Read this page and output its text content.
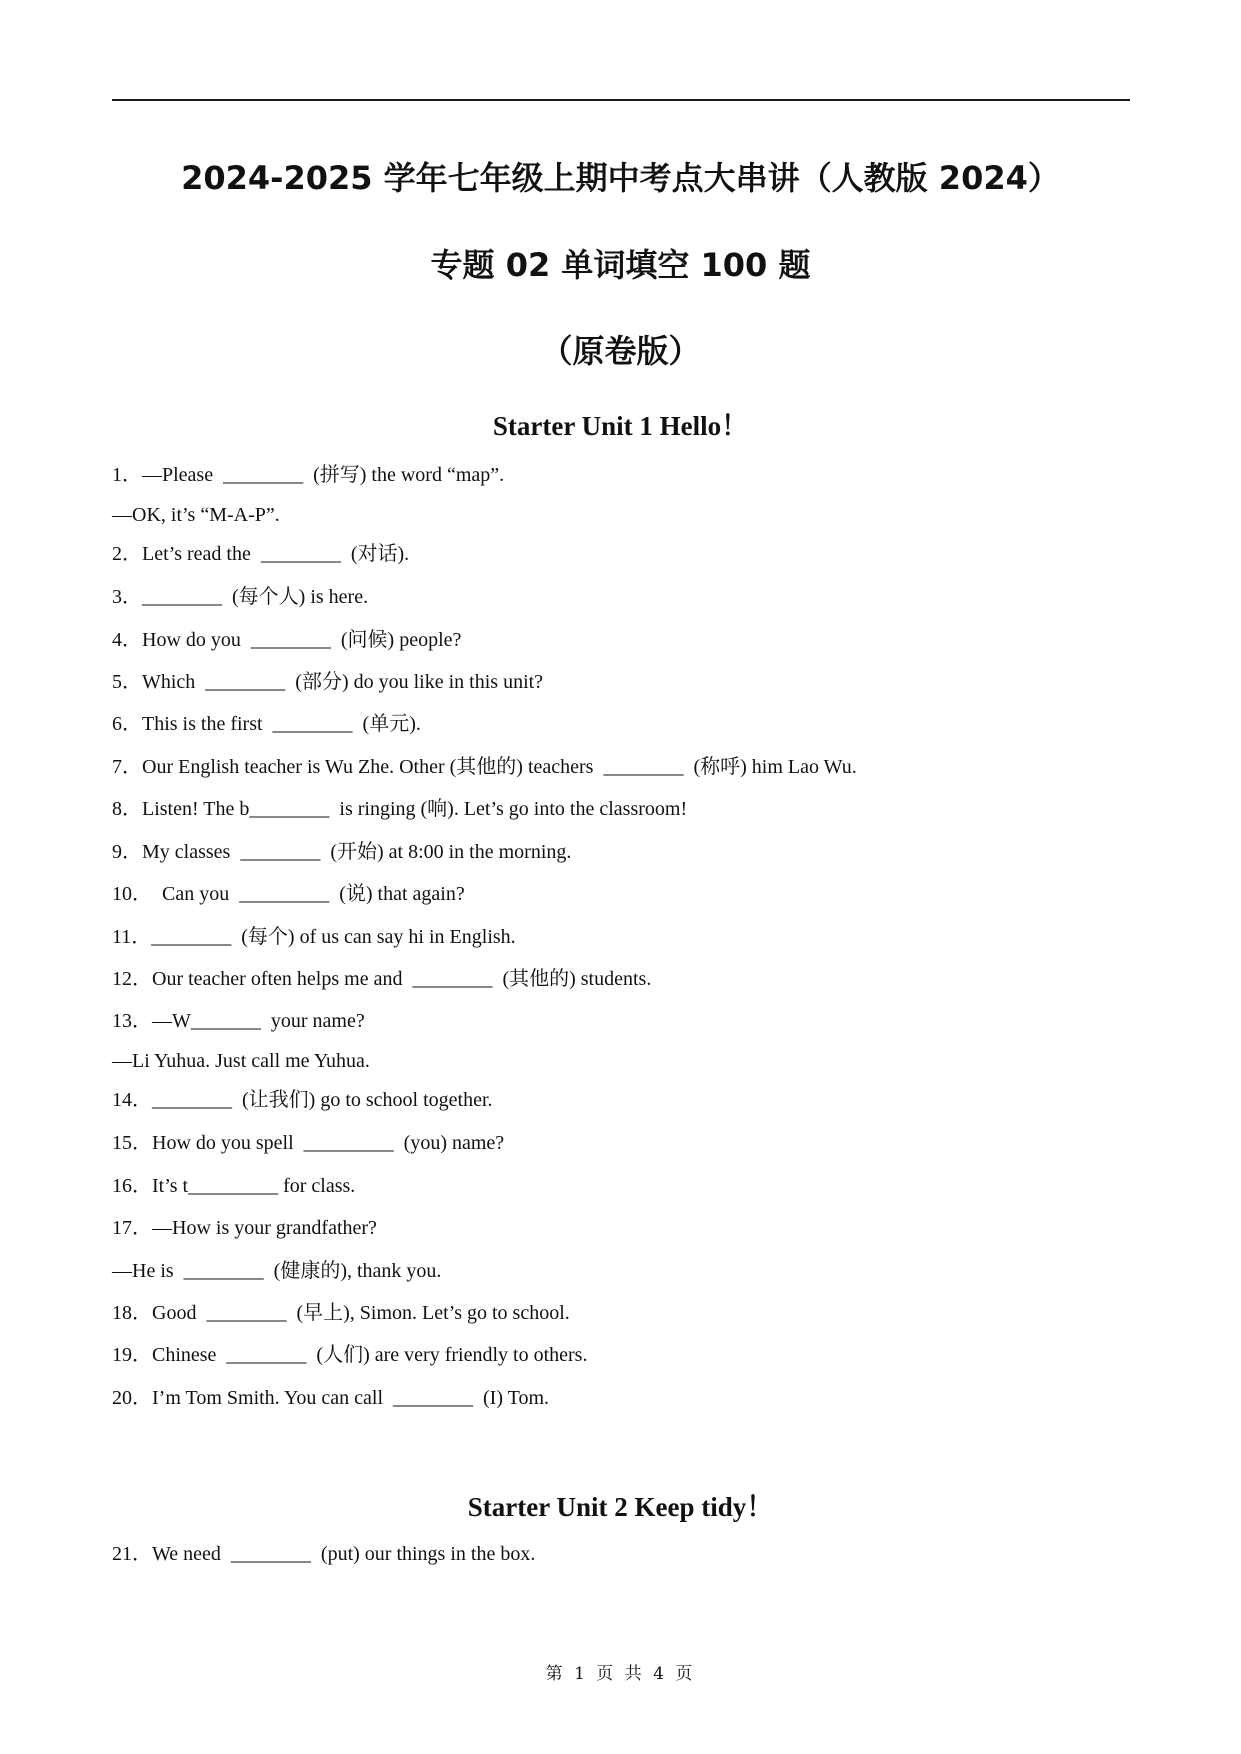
2024-2025 学年七年级上期中考点大串讲（人教版 2024）
专题 02 单词填空 100 题
（原卷版）
Starter Unit 1 Hello！
1．—Please  ________  (拼写) the word “map”.
—OK, it’s “M-A-P”.
2．Let’s read the  ________  (对话).
3．________  (每个人) is here.
4．How do you  ________  (问候) people?
5．Which  ________  (部分) do you like in this unit?
6．This is the first  ________  (单元).
7．Our English teacher is Wu Zhe. Other (其他的) teachers  ________  (称呼) him Lao Wu.
8．Listen! The b________  is ringing (响). Let’s go into the classroom!
9．My classes  ________  (开始) at 8:00 in the morning.
10．  Can you  _________  (说) that again?
11．________  (每个) of us can say hi in English.
12．Our teacher often helps me and  ________  (其他的) students.
13．—W_______  your name?
—Li Yuhua. Just call me Yuhua.
14．________  (让我们) go to school together.
15．How do you spell  _________  (you) name?
16．It’s t_________ for class.
17．—How is your grandfather?
—He is  ________  (健康的), thank you.
18．Good  ________  (早上), Simon. Let’s go to school.
19．Chinese  ________  (人们) are very friendly to others.
20．I’m Tom Smith. You can call  ________  (I) Tom.
Starter Unit 2 Keep tidy！
21．We need  ________  (put) our things in the box.
第 1 页 共 4 页
